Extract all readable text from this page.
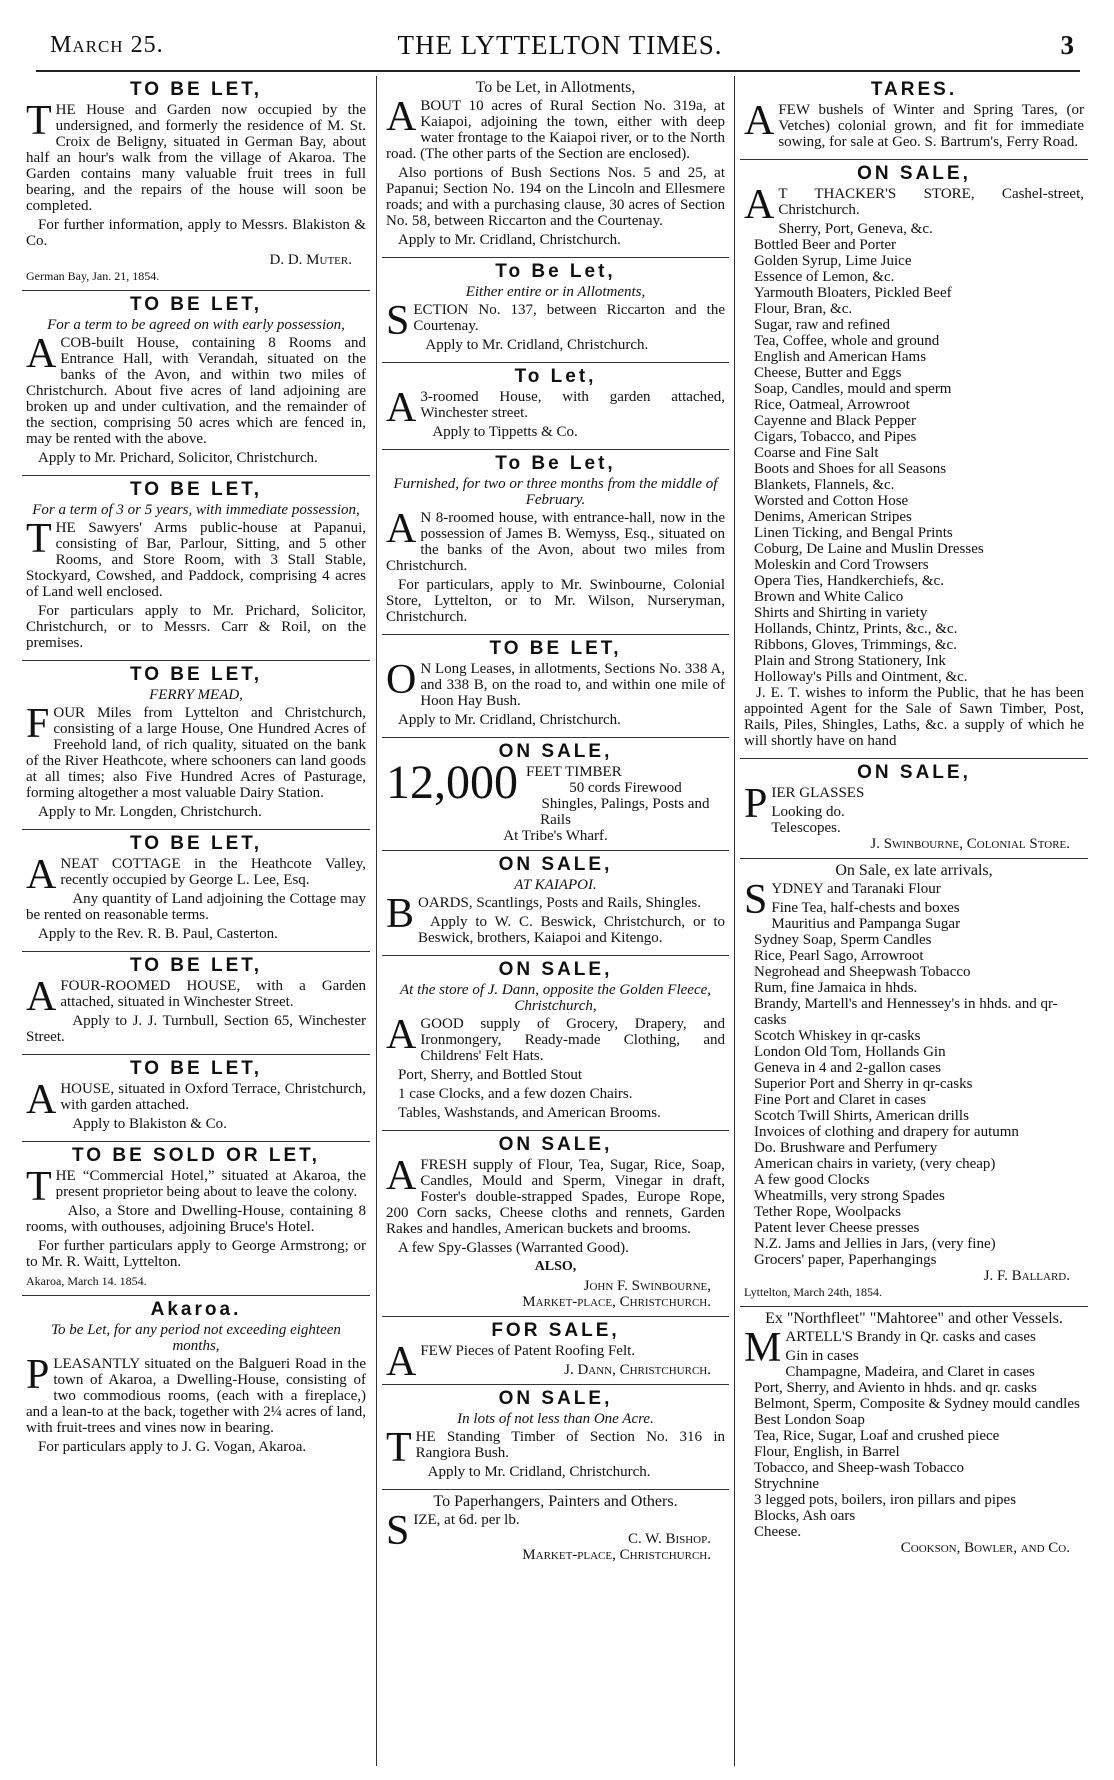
March 25.	THE LYTTELTON TIMES.	3
TO BE LET,

THE House and Garden now occupied by the undersigned, and formerly the residence of M. St. Croix de Beligny, situated in German Bay, about half an hour's walk from the village of Akaroa. The Garden contains many valuable fruit trees in full bearing, and the repairs of the house will soon be completed.

For further information, apply to Messrs. Blakiston & Co.

D. D. Muter.
German Bay, Jan. 21, 1854.
TO BE LET,
For a term to be agreed on with early possession,

ACOB-built House, containing 8 Rooms and Entrance Hall, with Verandah, situated on the banks of the Avon, and within two miles of Christchurch. About five acres of land adjoining are broken up and under cultivation, and the remainder of the section, comprising 50 acres which are fenced in, may be rented with the above.

Apply to Mr. Prichard, Solicitor, Christchurch.

TO BE LET,
For a term of 3 or 5 years, with immediate possession,

THE Sawyers' Arms public-house at Papanui, consisting of Bar, Parlour, Sitting, and 5 other Rooms, and Store Room, with 3 Stall Stable, Stockyard, Cowshed, and Paddock, comprising 4 acres of Land well enclosed.

For particulars apply to Mr. Prichard, Solicitor, Christchurch, or to Messrs. Carr & Roil, on the premises.

TO BE LET,
FERRY MEAD,

FOUR Miles from Lyttelton and Christchurch, consisting of a large House, One Hundred Acres of Freehold land, of rich quality, situated on the bank of the River Heathcote, where schooners can land goods at all times; also Five Hundred Acres of Pasturage, forming altogether a most valuable Dairy Station.

Apply to Mr. Longden, Christchurch.

TO BE LET,

ANEAT COTTAGE in the Heathcote Valley, recently occupied by George L. Lee, Esq.

Any quantity of Land adjoining the Cottage may be rented on reasonable terms.

Apply to the Rev. R. B. Paul, Casterton.

TO BE LET,

AFOUR-ROOMED HOUSE, with a Garden attached, situated in Winchester Street.

Apply to J. J. Turnbull, Section 65, Winchester Street.

TO BE LET,

AHOUSE, situated in Oxford Terrace, Christchurch, with garden attached.

Apply to Blakiston & Co.

TO BE SOLD OR LET,

THE “Commercial Hotel,” situated at Akaroa, the present proprietor being about to leave the colony.

Also, a Store and Dwelling-House, containing 8 rooms, with outhouses, adjoining Bruce's Hotel.

For further particulars apply to George Armstrong; or to Mr. R. Waitt, Lyttelton.

Akaroa, March 14. 1854.
Akaroa.
To be Let, for any period not exceeding eighteen months,

PLEASANTLY situated on the Balgueri Road in the town of Akaroa, a Dwelling-House, consisting of two commodious rooms, (each with a fireplace,) and a lean-to at the back, together with 2¼ acres of land, with fruit-trees and vines now in bearing.

For particulars apply to J. G. Vogan, Akaroa.

To be Let, in Allotments,

ABOUT 10 acres of Rural Section No. 319a, at Kaiapoi, adjoining the town, either with deep water frontage to the Kaiapoi river, or to the North road. (The other parts of the Section are enclosed).

Also portions of Bush Sections Nos. 5 and 25, at Papanui; Section No. 194 on the Lincoln and Ellesmere roads; and with a purchasing clause, 30 acres of Section No. 58, between Riccarton and the Courtenay.

Apply to Mr. Cridland, Christchurch.

To Be Let,
Either entire or in Allotments,

SECTION No. 137, between Riccarton and the Courtenay.

Apply to Mr. Cridland, Christchurch.

To Let,

A 3-roomed House, with garden attached, Winchester street.

Apply to Tippetts & Co.

To Be Let,
Furnished, for two or three months from the middle of February.

A N 8-roomed house, with entrance-hall, now in the possession of James B. Wemyss, Esq., situated on the banks of the Avon, about two miles from Christchurch.

For particulars, apply to Mr. Swinbourne, Colonial Store, Lyttelton, or to Mr. Wilson, Nurseryman, Christchurch.

TO BE LET,

O N Long Leases, in allotments, Sections No. 338 A, and 338 B, on the road to, and within one mile of Hoon Hay Bush.

Apply to Mr. Cridland, Christchurch.

ON SALE,
12,000 FEET TIMBER
50 cords Firewood
Shingles, Palings, Posts and Rails
At Tribe's Wharf.
ON SALE,
AT KAIAPOI.

BOARDS, Scantlings, Posts and Rails, Shingles.

Apply to W. C. Beswick, Christchurch, or to Beswick, brothers, Kaiapoi and Kitengo.

ON SALE,
At the store of J. Dann, opposite the Golden Fleece, Christchurch,

AGOOD supply of Grocery, Drapery, and Ironmongery, Ready-made Clothing, and Childrens' Felt Hats.

Port, Sherry, and Bottled Stout

1 case Clocks, and a few dozen Chairs.

Tables, Washstands, and American Brooms.

ON SALE,

AFRESH supply of Flour, Tea, Sugar, Rice, Soap, Candles, Mould and Sperm, Vinegar in draft, Foster's double-strapped Spades, Europe Rope, 200 Corn sacks, Cheese cloths and rennets, Garden Rakes and handles, American buckets and brooms.

A few Spy-Glasses (Warranted Good).

ALSO,
John F. Swinbourne,
Market-place, Christchurch.
FOR SALE,

AFEW Pieces of Patent Roofing Felt.

J. Dann, Christchurch.
ON SALE,
In lots of not less than One Acre.

THE Standing Timber of Section No. 316 in Rangiora Bush.

Apply to Mr. Cridland, Christchurch.

To Paperhangers, Painters and Others.

SIZE, at 6d. per lb.

C. W. Bishop.
Market-place, Christchurch.
TARES.

AFEW bushels of Winter and Spring Tares, (or Vetches) colonial grown, and fit for immediate sowing, for sale at Geo. S. Bartrum's, Ferry Road.

ON SALE,

A T THACKER'S STORE, Cashel-street, Christchurch.

Sherry, Port, Geneva, &c.
Bottled Beer and Porter
Golden Syrup, Lime Juice
Essence of Lemon, &c.
Yarmouth Bloaters, Pickled Beef
Flour, Bran, &c.
Sugar, raw and refined
Tea, Coffee, whole and ground
English and American Hams
Cheese, Butter and Eggs
Soap, Candles, mould and sperm
Rice, Oatmeal, Arrowroot
Cayenne and Black Pepper
Cigars, Tobacco, and Pipes
Coarse and Fine Salt
Boots and Shoes for all Seasons
Blankets, Flannels, &c.
Worsted and Cotton Hose
Denims, American Stripes
Linen Ticking, and Bengal Prints
Coburg, De Laine and Muslin Dresses
Moleskin and Cord Trowsers
Opera Ties, Handkerchiefs, &c.
Brown and White Calico
Shirts and Shirting in variety
Hollands, Chintz, Prints, &c., &c.
Ribbons, Gloves, Trimmings, &c.
Plain and Strong Stationery, Ink
Holloway's Pills and Ointment, &c.

J. E. T. wishes to inform the Public, that he has been appointed Agent for the Sale of Sawn Timber, Post, Rails, Piles, Shingles, Laths, &c. a supply of which he will shortly have on hand

ON SALE,

PIER GLASSES

Looking do.
Telescopes.
J. Swinbourne, Colonial Store.
On Sale, ex late arrivals,

SYDNEY and Taranaki Flour

Fine Tea, half-chests and boxes
Mauritius and Pampanga Sugar
Sydney Soap, Sperm Candles
Rice, Pearl Sago, Arrowroot
Negrohead and Sheepwash Tobacco
Rum, fine Jamaica in hhds.
Brandy, Martell's and Hennessey's in hhds. and qr-casks
Scotch Whiskey in qr-casks
London Old Tom, Hollands Gin
Geneva in 4 and 2-gallon cases
Superior Port and Sherry in qr-casks
Fine Port and Claret in cases
Scotch Twill Shirts, American drills
Invoices of clothing and drapery for autumn
Do. Brushware and Perfumery
American chairs in variety, (very cheap)
A few good Clocks
Wheatmills, very strong Spades
Tether Rope, Woolpacks
Patent lever Cheese presses
N.Z. Jams and Jellies in Jars, (very fine)
Grocers' paper, Paperhangings
J. F. Ballard.
Lyttelton, March 24th, 1854.
Ex "Northfleet" "Mahtoree" and other Vessels.

MARTELL'S Brandy in Qr. casks and cases

Gin in cases
Champagne, Madeira, and Claret in cases
Port, Sherry, and Aviento in hhds. and qr. casks
Belmont, Sperm, Composite & Sydney mould candles
Best London Soap
Tea, Rice, Sugar, Loaf and crushed piece
Flour, English, in Barrel
Tobacco, and Sheep-wash Tobacco
Strychnine
3 legged pots, boilers, iron pillars and pipes
Blocks, Ash oars
Cheese.
Cookson, Bowler, and Co.
